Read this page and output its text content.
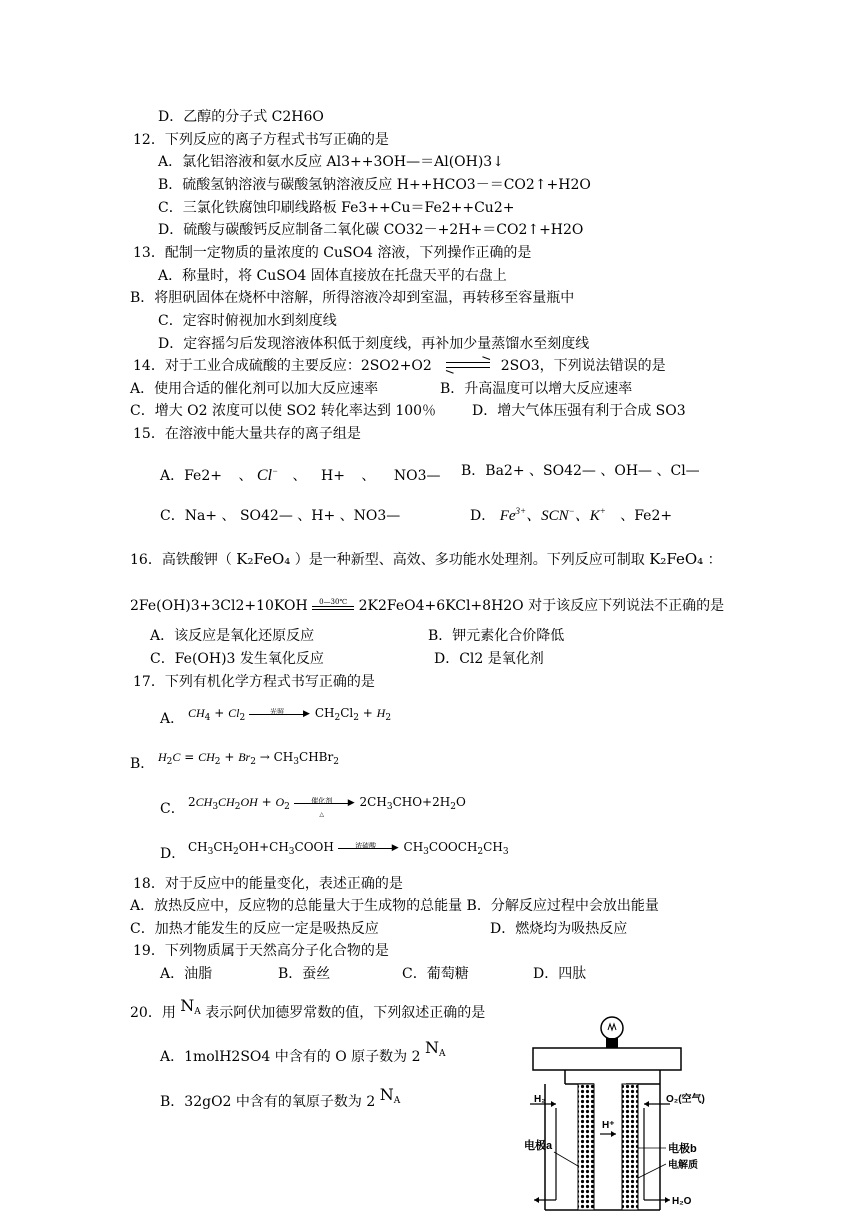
D．乙醇的分子式 C2H6O
12．下列反应的离子方程式书写正确的是
A．氯化铝溶液和氨水反应 Al3++3OH—＝Al(OH)3↓
B．硫酸氢钠溶液与碳酸氢钠溶液反应 H++HCO3－＝CO2↑+H2O
C．三氯化铁腐蚀印刷线路板 Fe3++Cu＝Fe2++Cu2+
D．硫酸与碳酸钙反应制备二氧化碳 CO32－+2H+＝CO2↑+H2O
13．配制一定物质的量浓度的 CuSO4 溶液，下列操作正确的是
A．称量时，将 CuSO4 固体直接放在托盘天平的右盘上
B．将胆矾固体在烧杯中溶解，所得溶液冷却到室温，再转移至容量瓶中
C．定容时俯视加水到刻度线
D．定容摇匀后发现溶液体积低于刻度线，再补加少量蒸馏水至刻度线
14．对于工业合成硫酸的主要反应：2SO2+O2 ⇌ 2SO3，下列说法错误的是
A．使用合适的催化剂可以加大反应速率	B．升高温度可以增大反应速率
C．增大 O2 浓度可以使 SO2 转化率达到 100％	D．增大气体压强有利于合成 SO3
15．在溶液中能大量共存的离子组是
A．Fe2+ 、 Cl− 、 H+ 、 NO3— B．Ba2+ 、SO42— 、OH— 、Cl—
C．Na+ 、 SO42— 、H+ 、NO3—	D． $Fe^{3+}$、SCN−、K+ 、Fe2+
16．高铁酸钾（ K₂FeO₄ ）是一种新型、高效、多功能水处理剂。下列反应可制取 K₂FeO₄ ：
2Fe(OH)3+3Cl2+10KOH	0—30℃ 2K2FeO4+6KCl+8H2O 对于该反应下列说法不正确的是
A．该反应是氧化还原反应	B．钾元素化合价降低
C．Fe(OH)3 发生氧化反应	D．Cl2 是氧化剂
17．下列有机化学方程式书写正确的是
A． $CH_4 + Cl_2$
光照	▶ $CH_2Cl_2 + H_2$
B． $H_2C = CH_2 + Br_2$ → $CH_3CHBr_2$
C． $2CH_3CH_2OH + O_2$
催化剂	▶
△
$2CH_3CHO+2H_2O$
D． $CH_3CH_2OH+CH_3COOH$	浓硫酸	▶ $CH_3COOCH_2CH_3$
18．对于反应中的能量变化，表述正确的是
A．放热反应中，反应物的总能量大于生成物的总能量 B．分解反应过程中会放出能量
C．加热才能发生的反应一定是吸热反应	D．燃烧均为吸热反应
19．下列物质属于天然高分子化合物的是
A．油脂	B．蚕丝	C．葡萄糖	D．四肽
20．用 $N_A$ 表示阿伏加德罗常数的值，下列叙述正确的是
A．1molH2SO4 中含有的 O 原子数为 2 $N_A$
B．32gO2 中含有的氧原子数为 2 $N_A$	H₂	O₂(空气)
H⁺
电极a	电极b
电解质
H₂O
